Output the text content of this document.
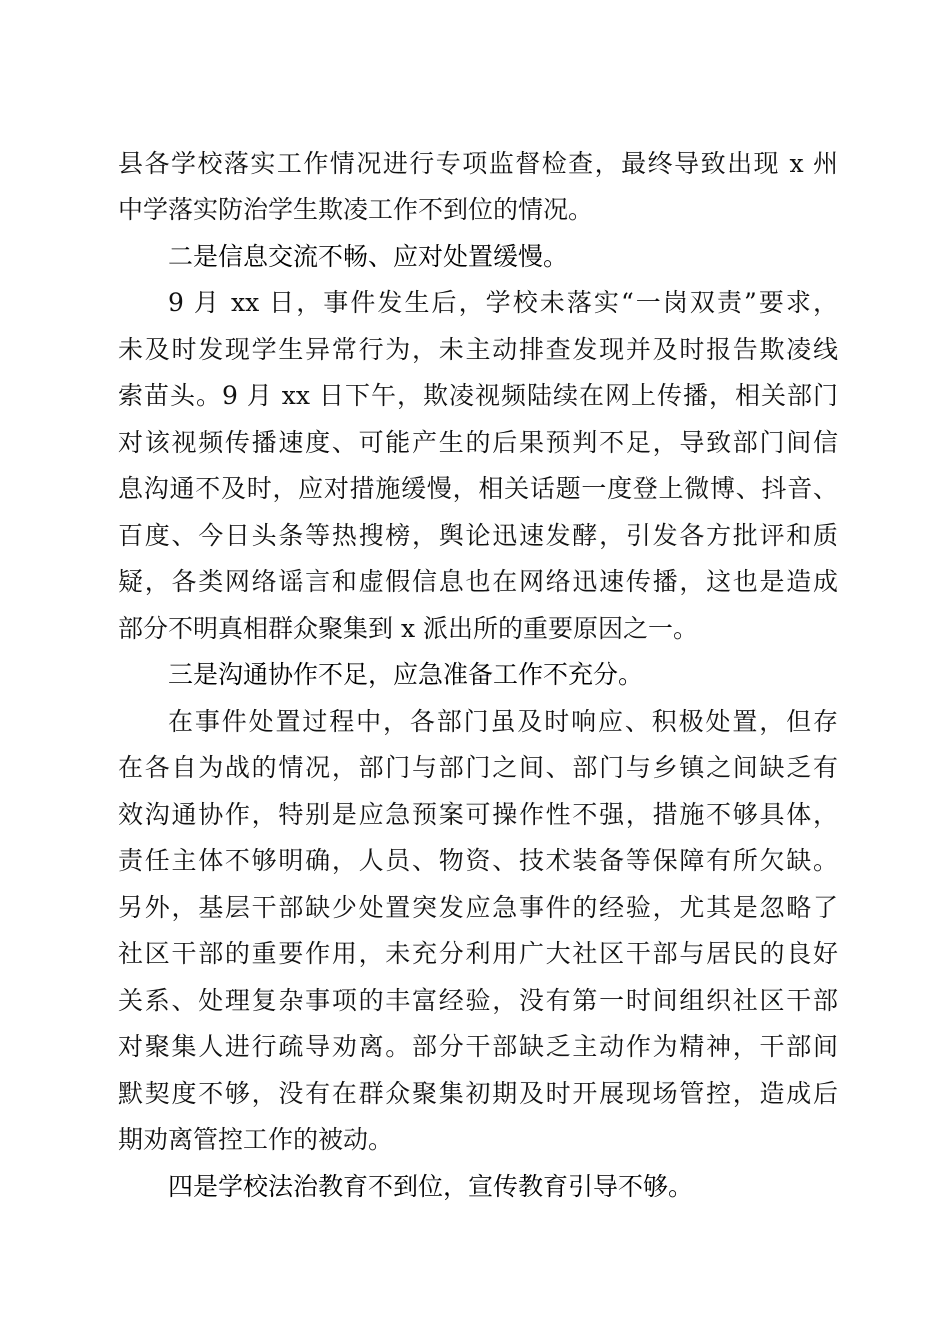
县各学校落实工作情况进行专项监督检查，最终导致出现 x 州
中学落实防治学生欺凌工作不到位的情况。
二是信息交流不畅、应对处置缓慢。
9 月 xx 日，事件发生后，学校未落实“一岗双责”要求，
未及时发现学生异常行为，未主动排查发现并及时报告欺凌线
索苗头。9 月 xx 日下午，欺凌视频陆续在网上传播，相关部门
对该视频传播速度、可能产生的后果预判不足，导致部门间信
息沟通不及时，应对措施缓慢，相关话题一度登上微博、抖音、
百度、今日头条等热搜榜，舆论迅速发酵，引发各方批评和质
疑，各类网络谣言和虚假信息也在网络迅速传播，这也是造成
部分不明真相群众聚集到 x 派出所的重要原因之一。
三是沟通协作不足，应急准备工作不充分。
在事件处置过程中，各部门虽及时响应、积极处置，但存
在各自为战的情况，部门与部门之间、部门与乡镇之间缺乏有
效沟通协作，特别是应急预案可操作性不强，措施不够具体，
责任主体不够明确，人员、物资、技术装备等保障有所欠缺。
另外，基层干部缺少处置突发应急事件的经验，尤其是忽略了
社区干部的重要作用，未充分利用广大社区干部与居民的良好
关系、处理复杂事项的丰富经验，没有第一时间组织社区干部
对聚集人进行疏导劝离。部分干部缺乏主动作为精神，干部间
默契度不够，没有在群众聚集初期及时开展现场管控，造成后
期劝离管控工作的被动。
四是学校法治教育不到位，宣传教育引导不够。
